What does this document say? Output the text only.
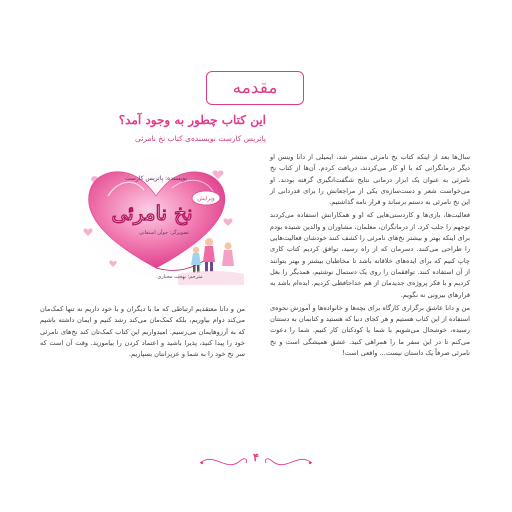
مقدمه
این کتاب چطور به وجود آمد؟
پاتریس کارست نویسنده‌ی کتاب نخ نامرئی
نویسنده: پاتریس کارست
نخ نامرئی
ویرایش
تصویرگر: جوآن استفانی
مترجم: بهجت مختاری

سال‌ها بعد از اینکه کتاب نخ نامرئی منتشر شد، ایمیلی از دانا وینس او دیگر درمانگرانی که با او کار می‌کردند، دریافت کردم. آن‌ها از کتاب نخ نامرئی به عنوان یک ابزار درمانی نتایج شگفت‌انگیزی گرفته بودند. او می‌خواست شعر و دست‌سازه‌ی یکی از مراجعانش را برای قدردانی از این نخ نامرئی به دستم برساند و قرار نامه گذاشتیم.

فعالیت‌ها، بازی‌ها و کاردستی‌هایی که او و همکارانش استفاده می‌کردند توجهم را جلب کرد. از درمانگران، معلمان، مشاوران و والدین شنیده بودم برای اینکه بهتر و بیشتر نخ‌های نامرئی را کشف کنند خودشان فعالیت‌هایی را طراحی می‌کنند. دسرمان که از راه رسید، توافق کردیم کتاب کاری چاپ کنیم که برای ایده‌های خلاقانه باشد تا مخاطبان بیشتر و بهتر بتوانند از آن استفاده کنند. توافقمان را روی یک دستمال نوشتیم، همدیگر را بغل کردیم و با فکر پروژه‌ی جدیدمان از هم خداحافظی کردیم. ایده‌ام باشد به قرارهای بیرونی نه نگویم.

من و دانا عاشق برگزاری کارگاه برای بچه‌ها و خانواده‌ها و آموزش نحوه‌ی استفاده از این کتاب هستیم و هر کجای دنیا که هستید و کتابمان به دستتان رسیده، خوشحال می‌شویم با شما یا کودکتان کار کنیم. شما را دعوت می‌کنم تا در این سفر ما را همراهی کنید. عشق همیشگی است و نخ نامرئی صرفاً یک داستان نیست... واقعی است!

من و دانا معتقدیم ارتباطی که ما با دیگران و با خود داریم نه تنها کمک‌مان می‌کند دوام بیاوریم، بلکه کمک‌مان می‌کند رشد کنیم و ایمان داشته باشیم که به آرزوهایمان می‌رسیم. امیدواریم این کتاب کمک‌تان کند نخ‌های نامرئی خود را پیدا کنید، پذیرا باشید و اعتماد کردن را بیاموزید. وقت آن است که سر نخ خود را به شما و عزیزانتان بسپاریم.

۴
